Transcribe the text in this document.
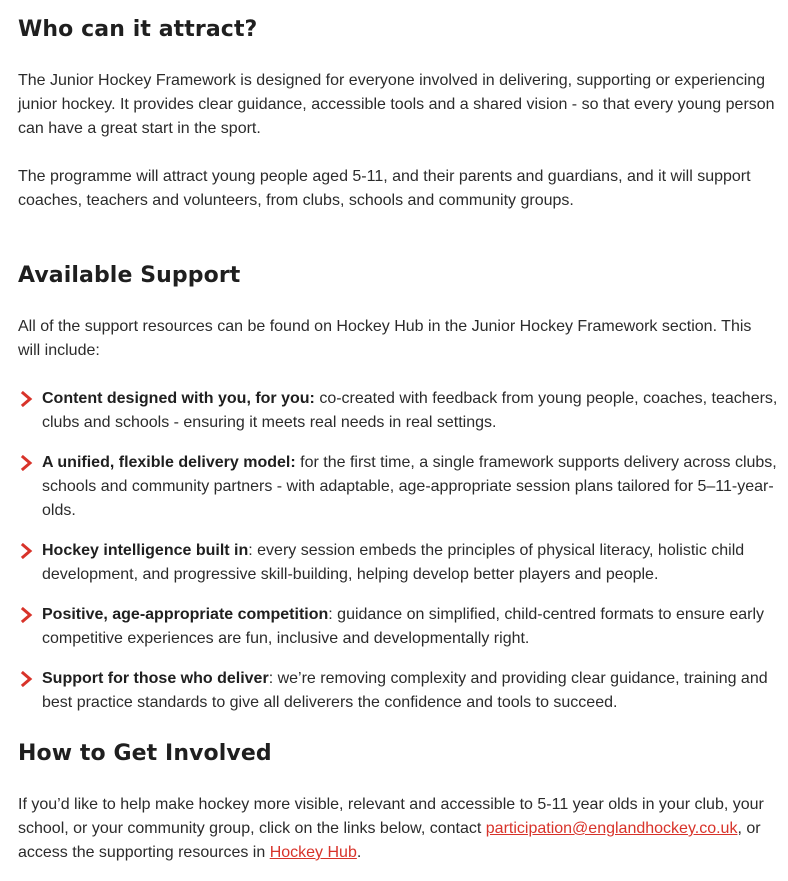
Who can it attract?

The Junior Hockey Framework is designed for everyone involved in delivering, supporting or experiencing junior hockey. It provides clear guidance, accessible tools and a shared vision - so that every young person can have a great start in the sport.

The programme will attract young people aged 5-11, and their parents and guardians, and it will support coaches, teachers and volunteers, from clubs, schools and community groups.

Available Support

All of the support resources can be found on Hockey Hub in the Junior Hockey Framework section. This will include:

Content designed with you, for you: co-created with feedback from young people, coaches, teachers, clubs and schools - ensuring it meets real needs in real settings.
A unified, flexible delivery model: for the first time, a single framework supports delivery across clubs, schools and community partners - with adaptable, age-appropriate session plans tailored for 5–11-year-olds.
Hockey intelligence built in: every session embeds the principles of physical literacy, holistic child development, and progressive skill-building, helping develop better players and people.
Positive, age-appropriate competition: guidance on simplified, child-centred formats to ensure early competitive experiences are fun, inclusive and developmentally right.
Support for those who deliver: we’re removing complexity and providing clear guidance, training and best practice standards to give all deliverers the confidence and tools to succeed.
How to Get Involved

If you’d like to help make hockey more visible, relevant and accessible to 5-11 year olds in your club, your school, or your community group, click on the links below, contact participation@englandhockey.co.uk, or access the supporting resources in Hockey Hub.
